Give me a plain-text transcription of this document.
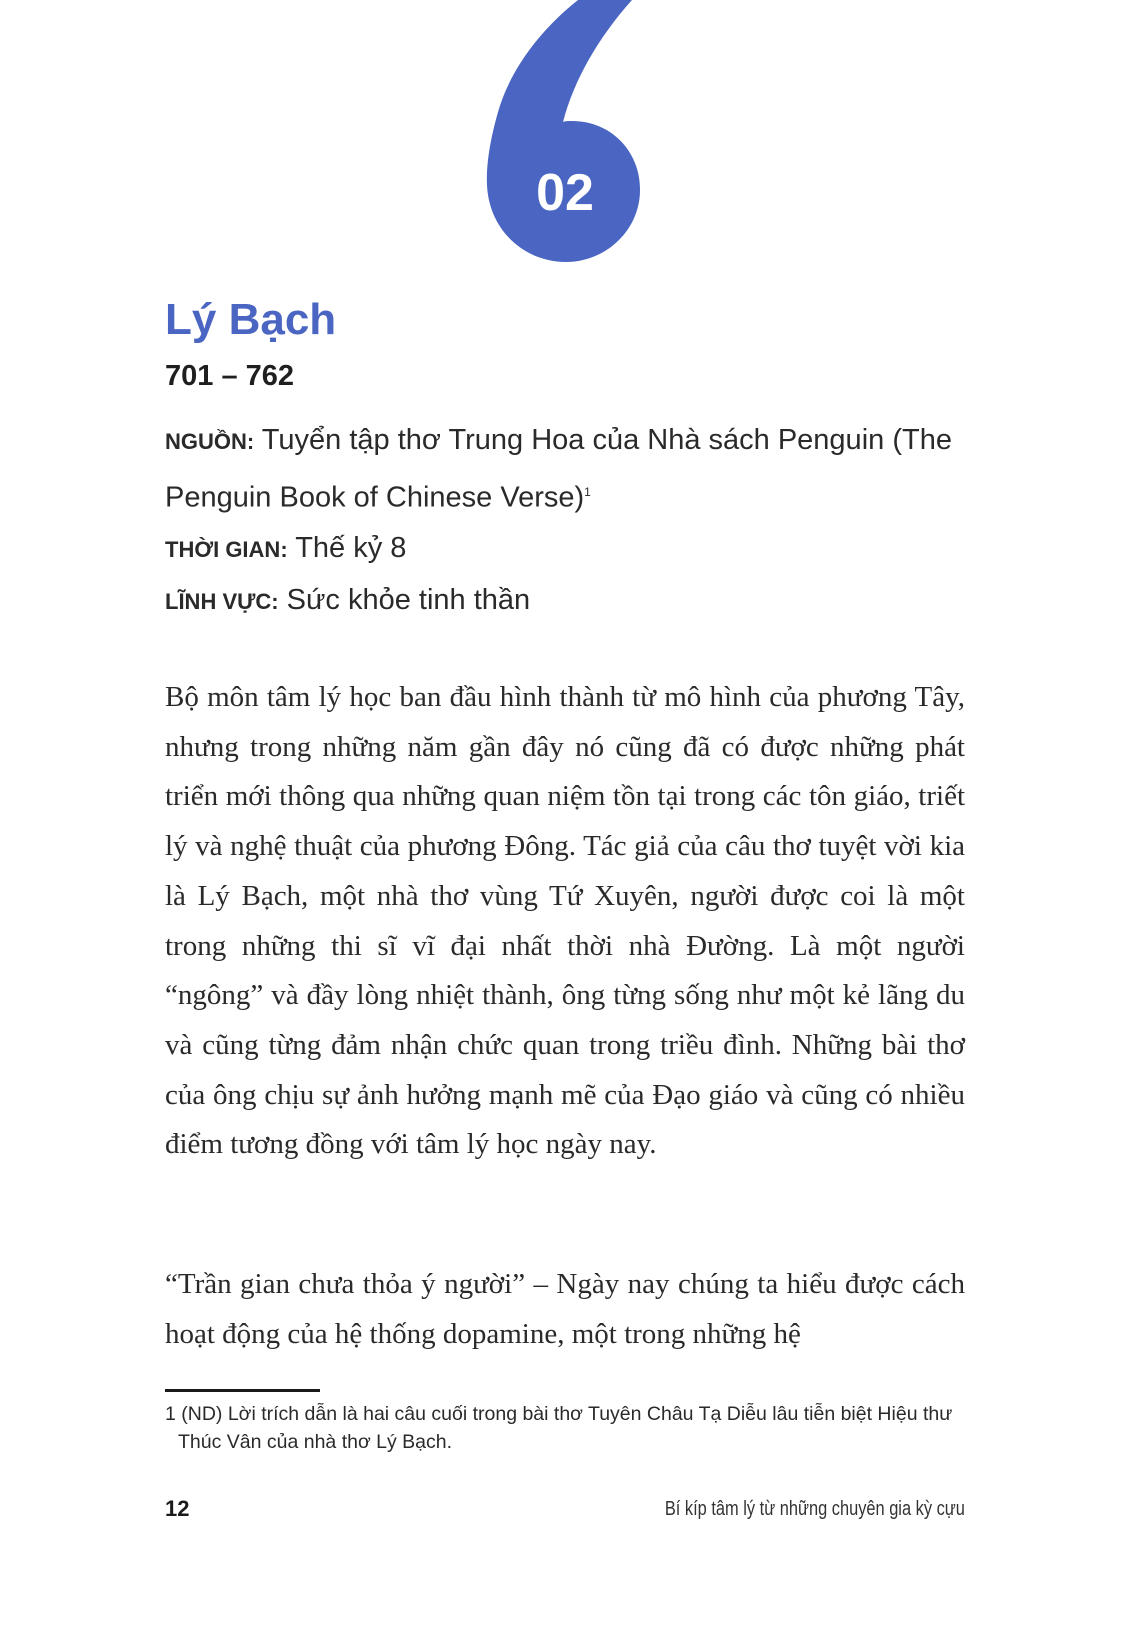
02
Lý Bạch
701 – 762
NGUỒN: Tuyển tập thơ Trung Hoa của Nhà sách Penguin (The Penguin Book of Chinese Verse)$^1$
THỜI GIAN: Thế kỷ 8
LĨNH VỰC: Sức khỏe tinh thần

Bộ môn tâm lý học ban đầu hình thành từ mô hình của phương Tây, nhưng trong những năm gần đây nó cũng đã có được những phát triển mới thông qua những quan niệm tồn tại trong các tôn giáo, triết lý và nghệ thuật của phương Đông. Tác giả của câu thơ tuyệt vời kia là Lý Bạch, một nhà thơ vùng Tứ Xuyên, người được coi là một trong những thi sĩ vĩ đại nhất thời nhà Đường. Là một người “ngông” và đầy lòng nhiệt thành, ông từng sống như một kẻ lãng du và cũng từng đảm nhận chức quan trong triều đình. Những bài thơ của ông chịu sự ảnh hưởng mạnh mẽ của Đạo giáo và cũng có nhiều điểm tương đồng với tâm lý học ngày nay.

“Trần gian chưa thỏa ý người” – Ngày nay chúng ta hiểu được cách hoạt động của hệ thống dopamine, một trong những hệ

1 (ND) Lời trích dẫn là hai câu cuối trong bài thơ Tuyên Châu Tạ Diễu lâu tiễn biệt Hiệu thư Thúc Vân của nhà thơ Lý Bạch.
12	Bí kíp tâm lý từ những chuyên gia kỳ cựu
